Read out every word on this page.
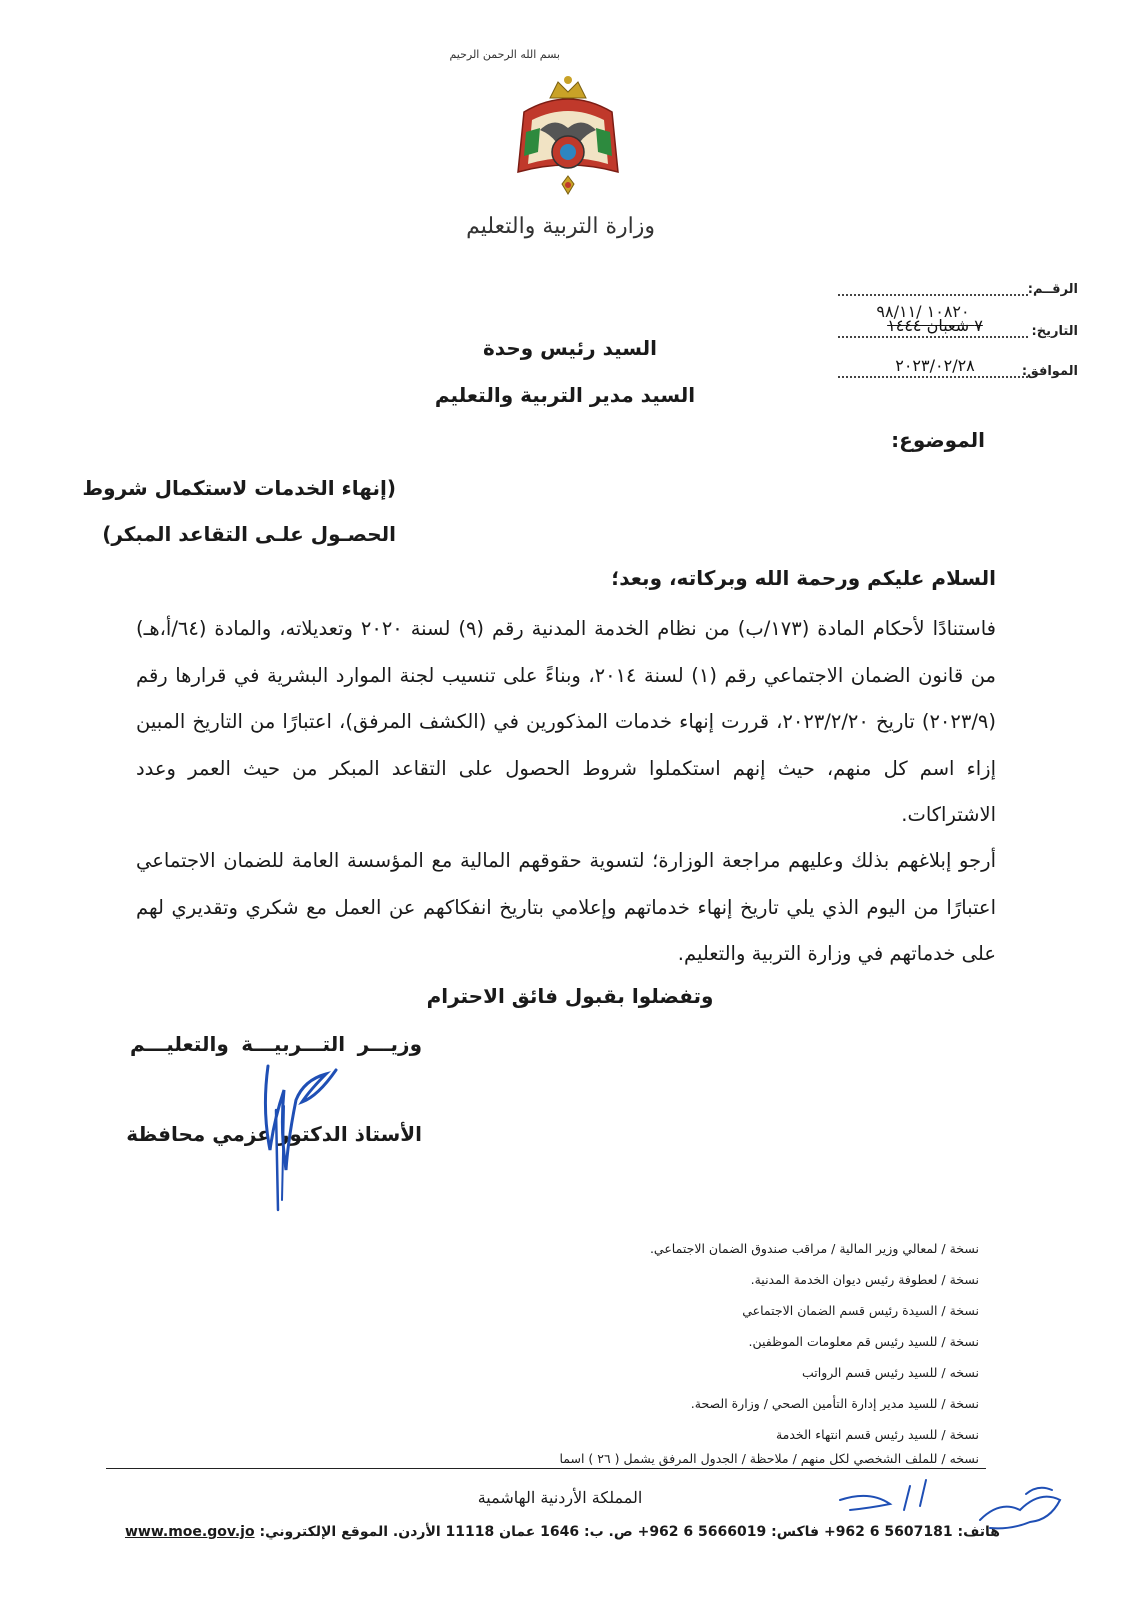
بسم الله الرحمن الرحيم
وزارة التربية والتعليم
الرقــم:
التاريخ:
٧ شعبان ١٤٤٤
الموافق:
٢٠٢٣/٠٢/٢٨
١٠٨٢٠ /٩٨/١١
السيد رئيس وحدة
السيد مدير التربية والتعليم
الموضوع:
(إنهاء الخدمات لاستكمال شروط
الحصـول علـى التقاعد المبكر)
السلام عليكم ورحمة الله وبركاته، وبعد؛
فاستنادًا لأحكام المادة (١٧٣/ب) من نظام الخدمة المدنية رقم (٩) لسنة ٢٠٢٠ وتعديلاته، والمادة (٦٤/أ،هـ) من قانون الضمان الاجتماعي رقم (١) لسنة ٢٠١٤، وبناءً على تنسيب لجنة الموارد البشرية في قرارها رقم (٢٠٢٣/٩) تاريخ ٢٠٢٣/٢/٢٠، قررت إنهاء خدمات المذكورين في (الكشف المرفق)، اعتبارًا من التاريخ المبين إزاء اسم كل منهم، حيث إنهم استكملوا شروط الحصول على التقاعد المبكر من حيث العمر وعدد الاشتراكات.
أرجو إبلاغهم بذلك وعليهم مراجعة الوزارة؛ لتسوية حقوقهم المالية مع المؤسسة العامة للضمان الاجتماعي اعتبارًا من اليوم الذي يلي تاريخ إنهاء خدماتهم وإعلامي بتاريخ انفكاكهم عن العمل مع شكري وتقديري لهم على خدماتهم في وزارة التربية والتعليم.
وتفضلوا بقبول فائق الاحترام
وزيـــر التـــربيـــة والتعليـــم
الأستاذ الدكتور عزمي محافظة
نسخة / لمعالي وزير المالية / مراقب صندوق الضمان الاجتماعي.
نسخة / لعطوفة رئيس ديوان الخدمة المدنية.
نسخة / السيدة رئيس قسم الضمان الاجتماعي
نسخة / للسيد رئيس قم معلومات الموظفين.
نسخه / للسيد رئيس قسم الرواتب
نسخة / للسيد مدير إدارة التأمين الصحي / وزارة الصحة.
نسخة / للسيد رئيس قسم انتهاء الخدمة
نسخه / للملف الشخصي لكل منهم / ملاحظة / الجدول المرفق يشمل ( ٢٦ ) اسما
المملكة الأردنية الهاشمية
هاتف: 5607181 6 962+ فاكس: 5666019 6 962+ ص. ب: 1646 عمان 11118 الأردن. الموقع الإلكتروني: www.moe.gov.jo
